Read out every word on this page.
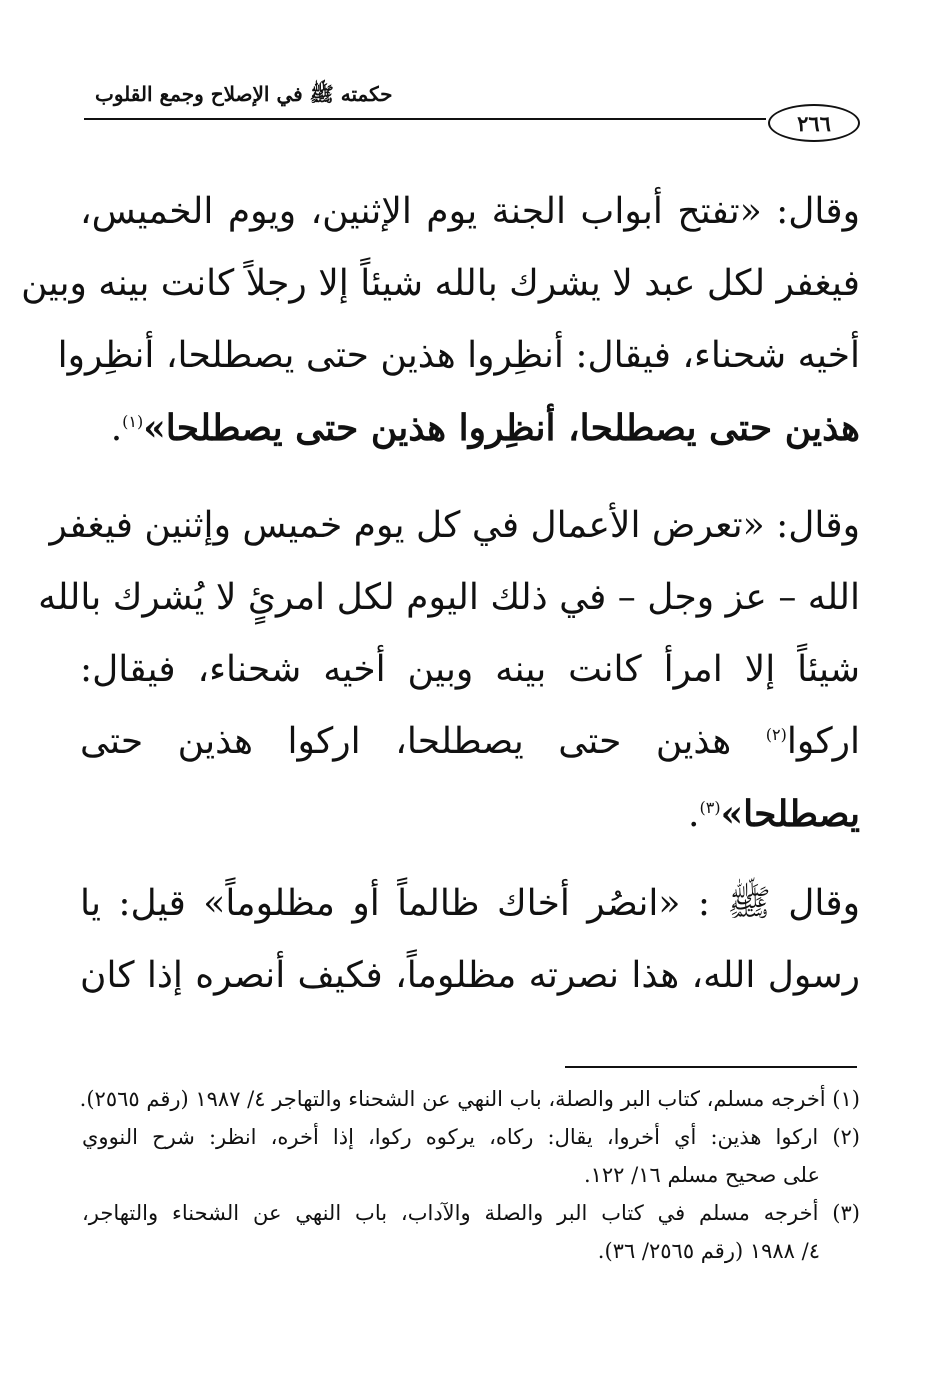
حكمته ﷺ في الإصلاح وجمع القلوب
٢٦٦
وقال: «تفتح أبواب الجنة يوم الإثنين، ويوم الخميس،
فيغفر لكل عبد لا يشرك بالله شيئاً إلا رجلاً كانت بينه وبين
أخيه شحناء، فيقال: أنظِروا هذين حتى يصطلحا، أنظِروا
هذين حتى يصطلحا، أنظِروا هذين حتى يصطلحا»$^{(١)}$.
وقال: «تعرض الأعمال في كل يوم خميس وإثنين فيغفر
الله – عز وجل – في ذلك اليوم لكل امرئٍ لا يُشرك بالله
شيئاً إلا امرأ كانت بينه وبين أخيه شحناء، فيقال:
اركوا$^{(٢)}$ هذين حتى يصطلحا، اركوا هذين حتى
يصطلحا»$^{(٣)}$.
وقال ﷺ : «انصُر أخاك ظالماً أو مظلوماً» قيل: يا
رسول الله، هذا نصرته مظلوماً، فكيف أنصره إذا كان
(١) أخرجه مسلم، كتاب البر والصلة، باب النهي عن الشحناء والتهاجر ٤/ ١٩٨٧ (رقم ٢٥٦٥).
(٢) اركوا هذين: أي أخروا، يقال: ركاه، يركوه ركوا، إذا أخره، انظر: شرح النووي
على صحيح مسلم ١٦/ ١٢٢.
(٣) أخرجه مسلم في كتاب البر والصلة والآداب، باب النهي عن الشحناء والتهاجر،
٤/ ١٩٨٨ (رقم ٢٥٦٥/ ٣٦).
